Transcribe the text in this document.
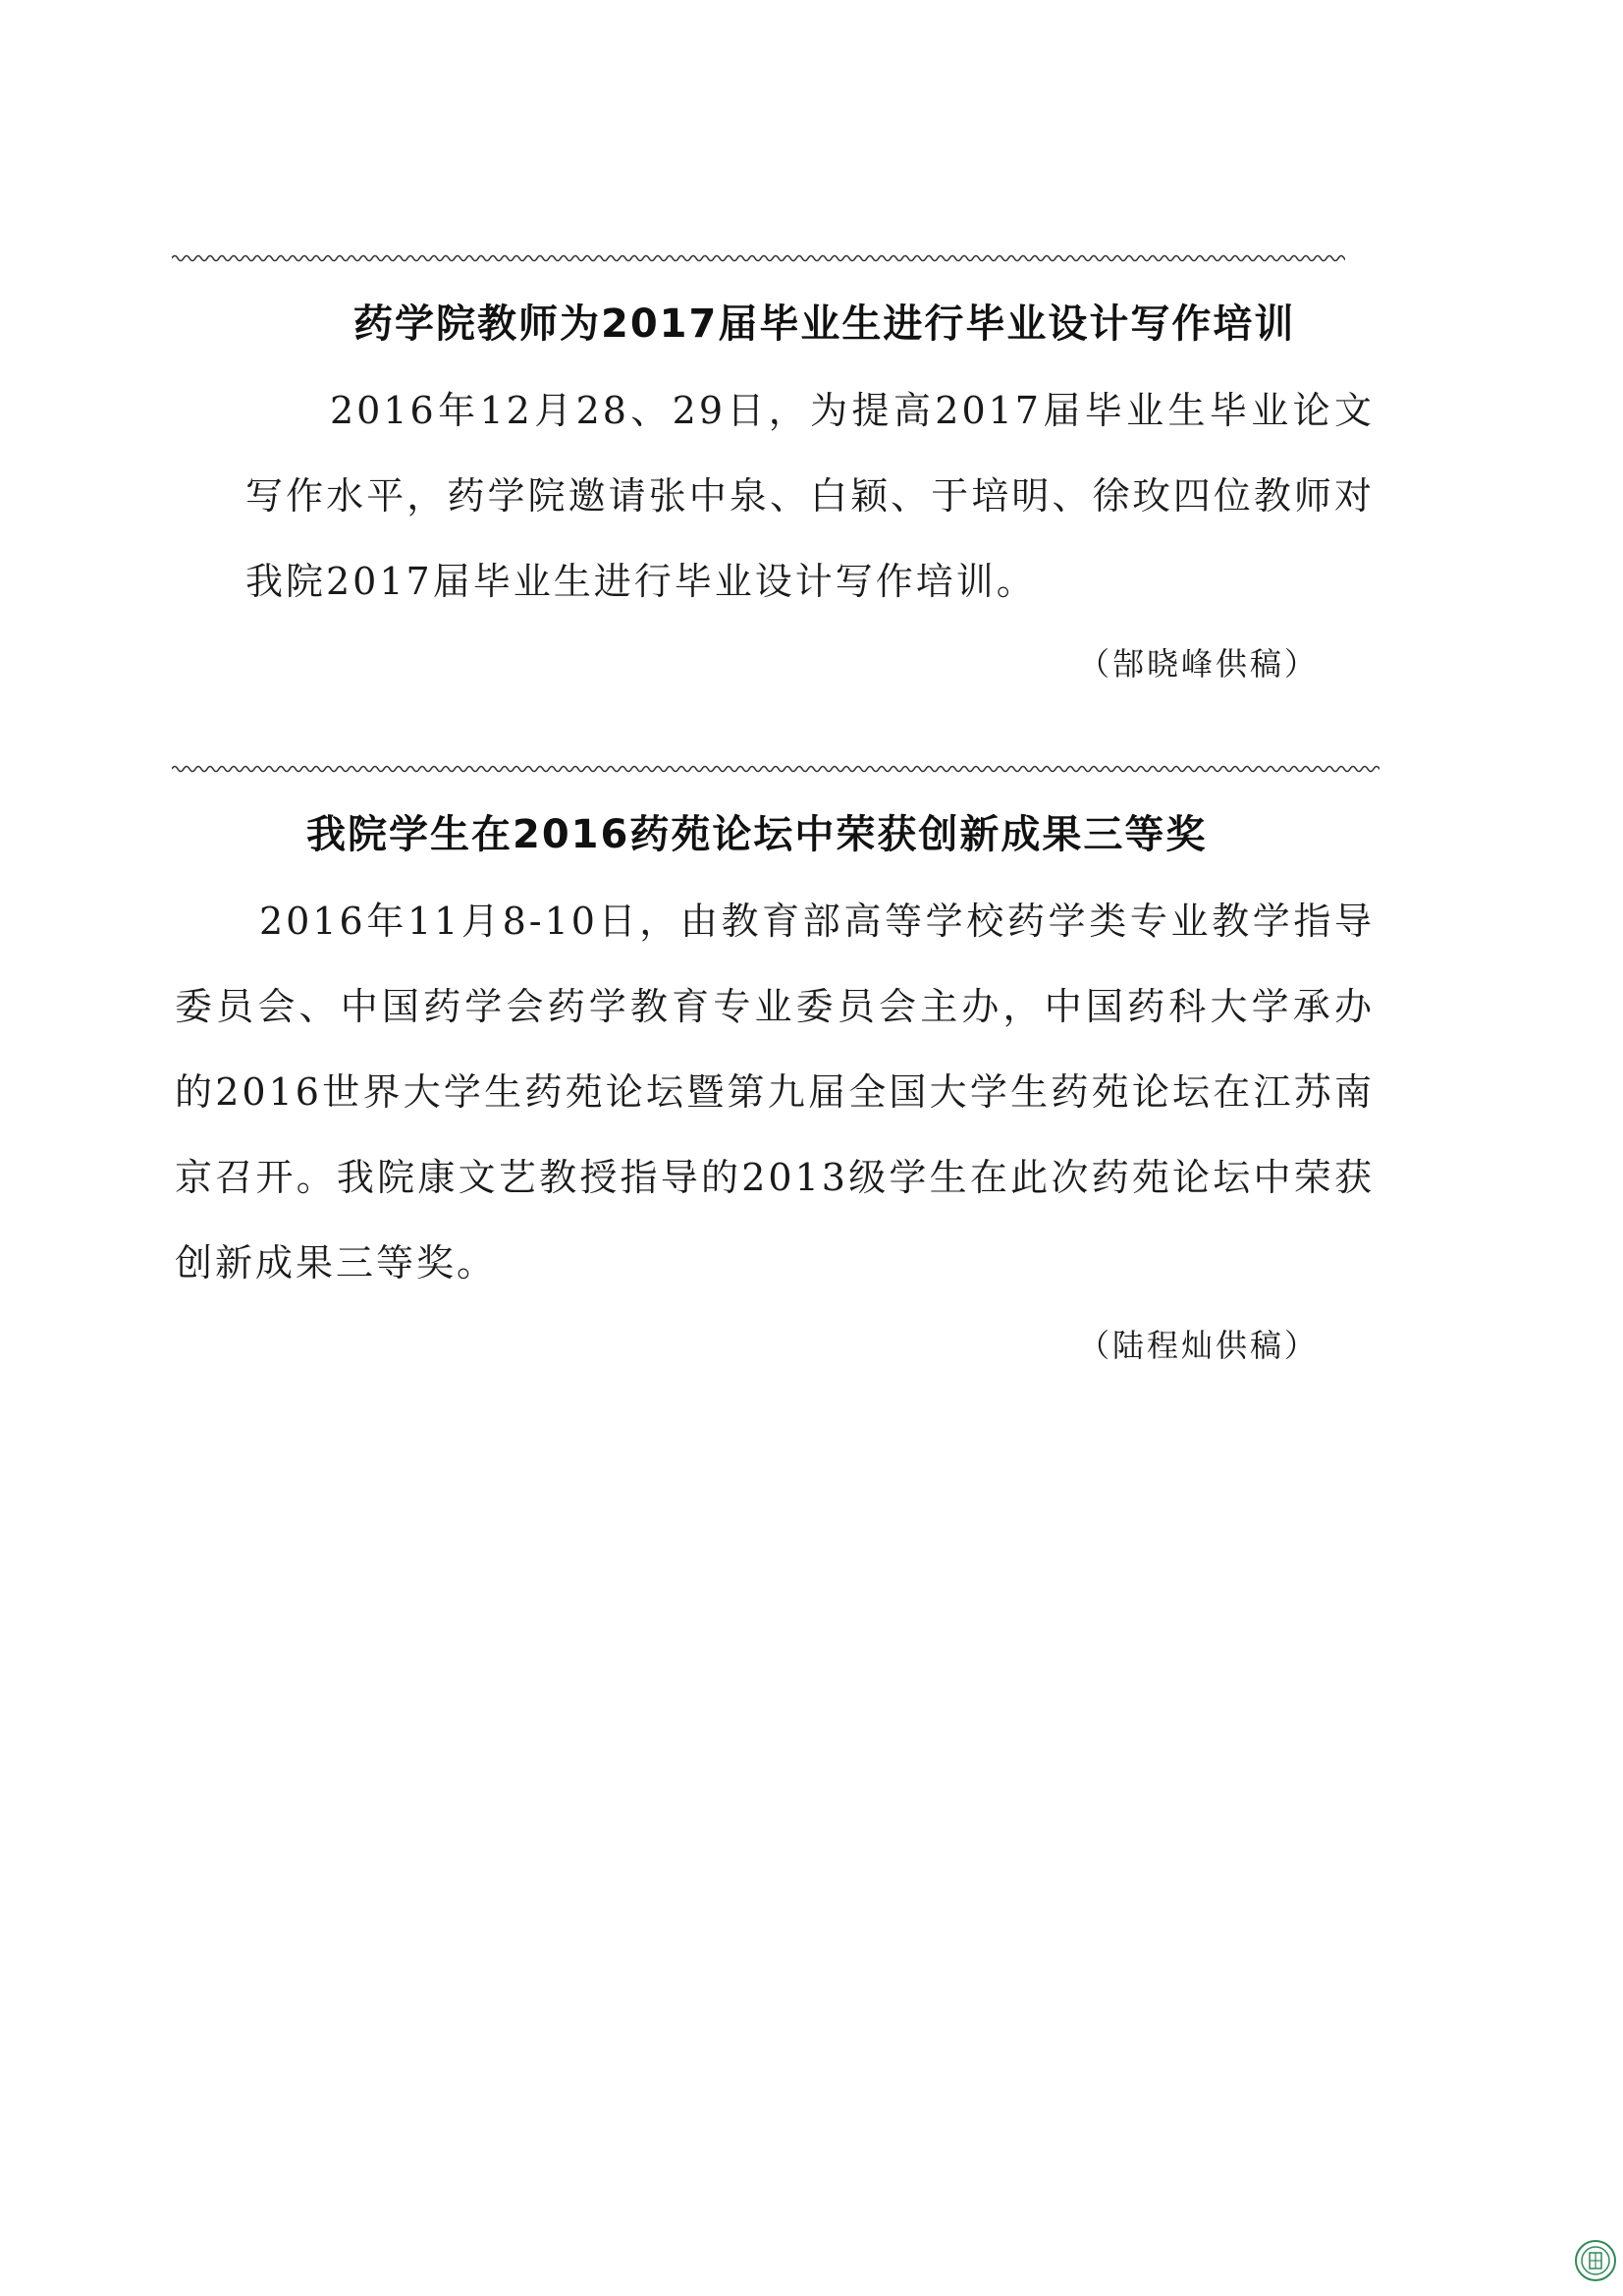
药学院教师为2017届毕业生进行毕业设计写作培训

2016年12月28、29日，为提高2017届毕业生毕业论文写作水平，药学院邀请张中泉、白颖、于培明、徐玫四位教师对我院2017届毕业生进行毕业设计写作培训。

（郜晓峰供稿）

我院学生在2016药苑论坛中荣获创新成果三等奖

2016年11月8-10日，由教育部高等学校药学类专业教学指导委员会、中国药学会药学教育专业委员会主办，中国药科大学承办的2016世界大学生药苑论坛暨第九届全国大学生药苑论坛在江苏南京召开。我院康文艺教授指导的2013级学生在此次药苑论坛中荣获创新成果三等奖。

（陆程灿供稿）
